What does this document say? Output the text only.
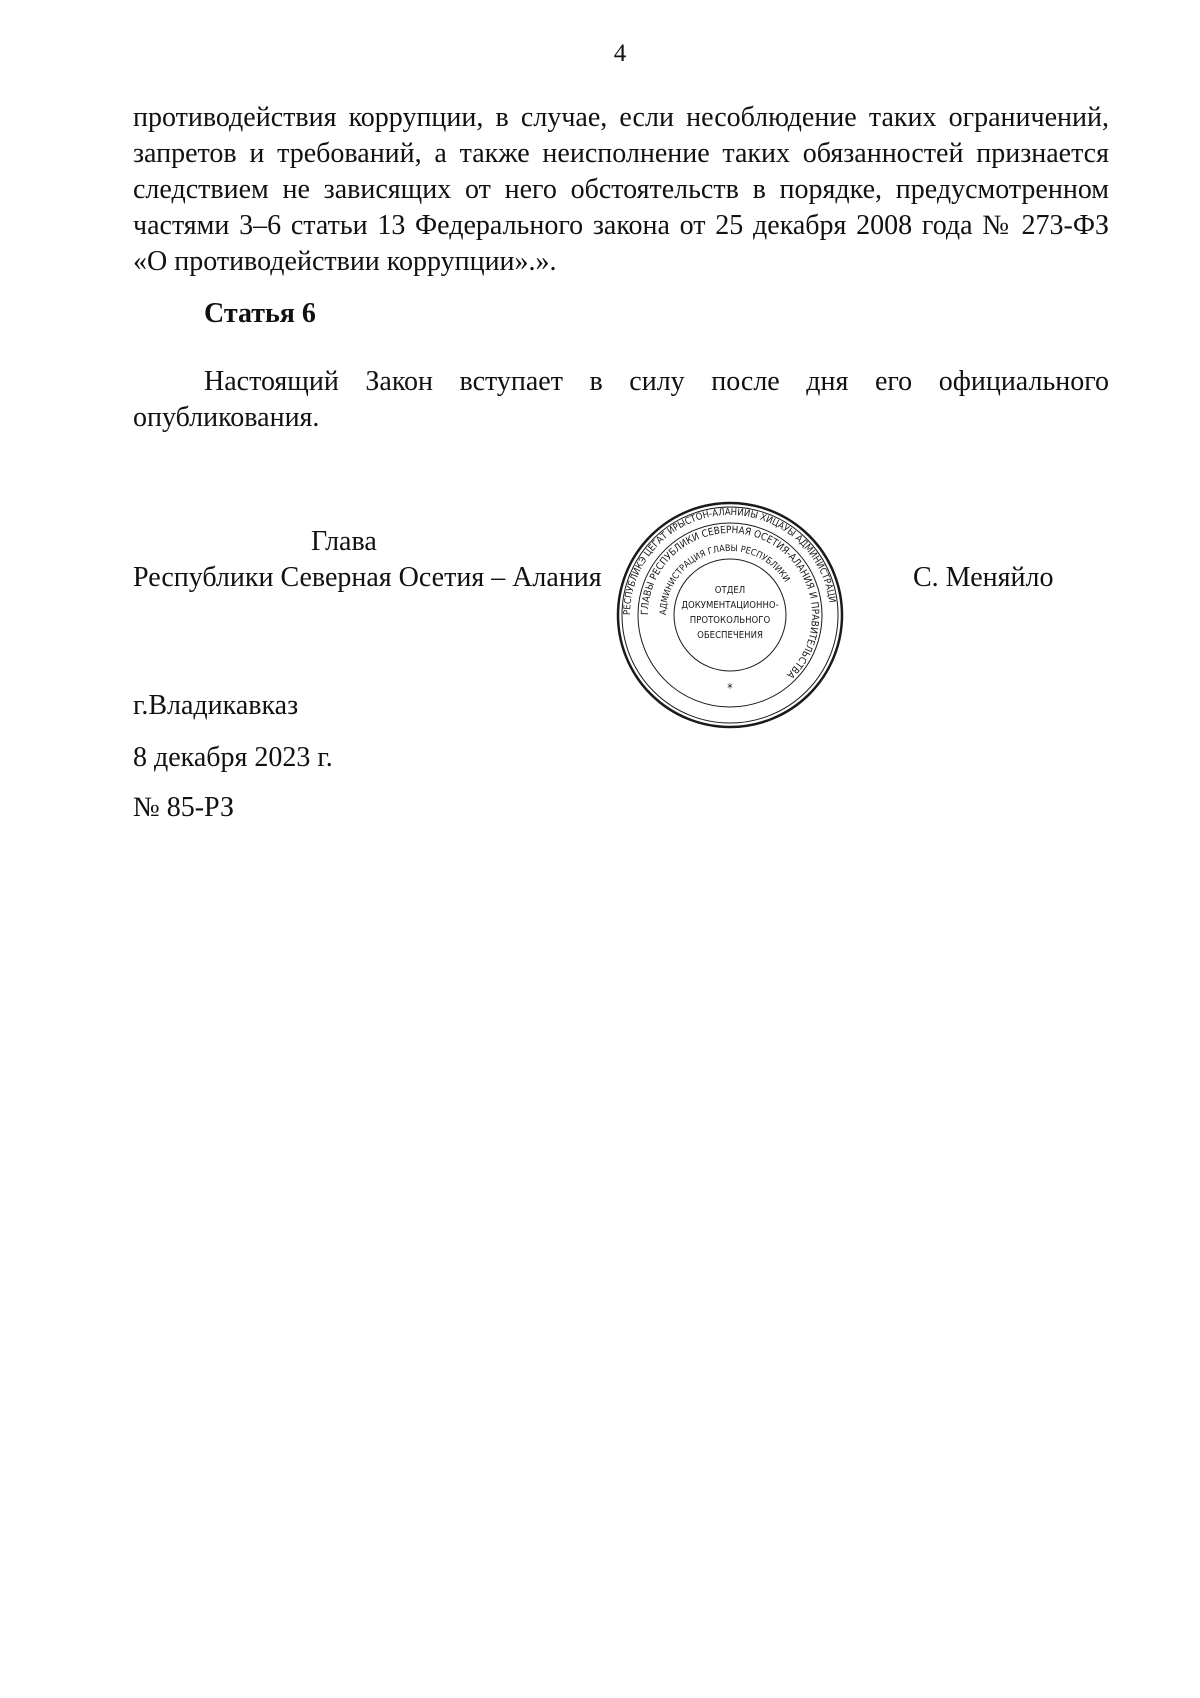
4
противодействия коррупции, в случае, если несоблюдение таких ограничений, запретов и требований, а также неисполнение таких обязанностей признается следствием не зависящих от него обстоятельств в порядке, предусмотренном частями 3–6 статьи 13 Федерального закона от 25 декабря 2008 года № 273-ФЗ «О противодействии коррупции».».
Статья 6
Настоящий Закон вступает в силу после дня его официального опубликования.
Глава
Республики Северная Осетия – Алания	С. Меняйло
РЕСПУБЛИКЭ ЦЕГАТ ИРЫСТОН-АЛАНИЙЫ ХИЦАУЫ АДМИНИСТРАЦИ
ГЛАВЫ РЕСПУБЛИКИ СЕВЕРНАЯ ОСЕТИЯ-АЛАНИЯ И ПРАВИТЕЛЬСТВА
АДМИНИСТРАЦИЯ ГЛАВЫ РЕСПУБЛИКИ
ОТДЕЛ
ДОКУМЕНТАЦИОННО-
ПРОТОКОЛЬНОГО
ОБЕСПЕЧЕНИЯ
*
г.Владикавказ
8 декабря 2023 г.
№ 85-РЗ
